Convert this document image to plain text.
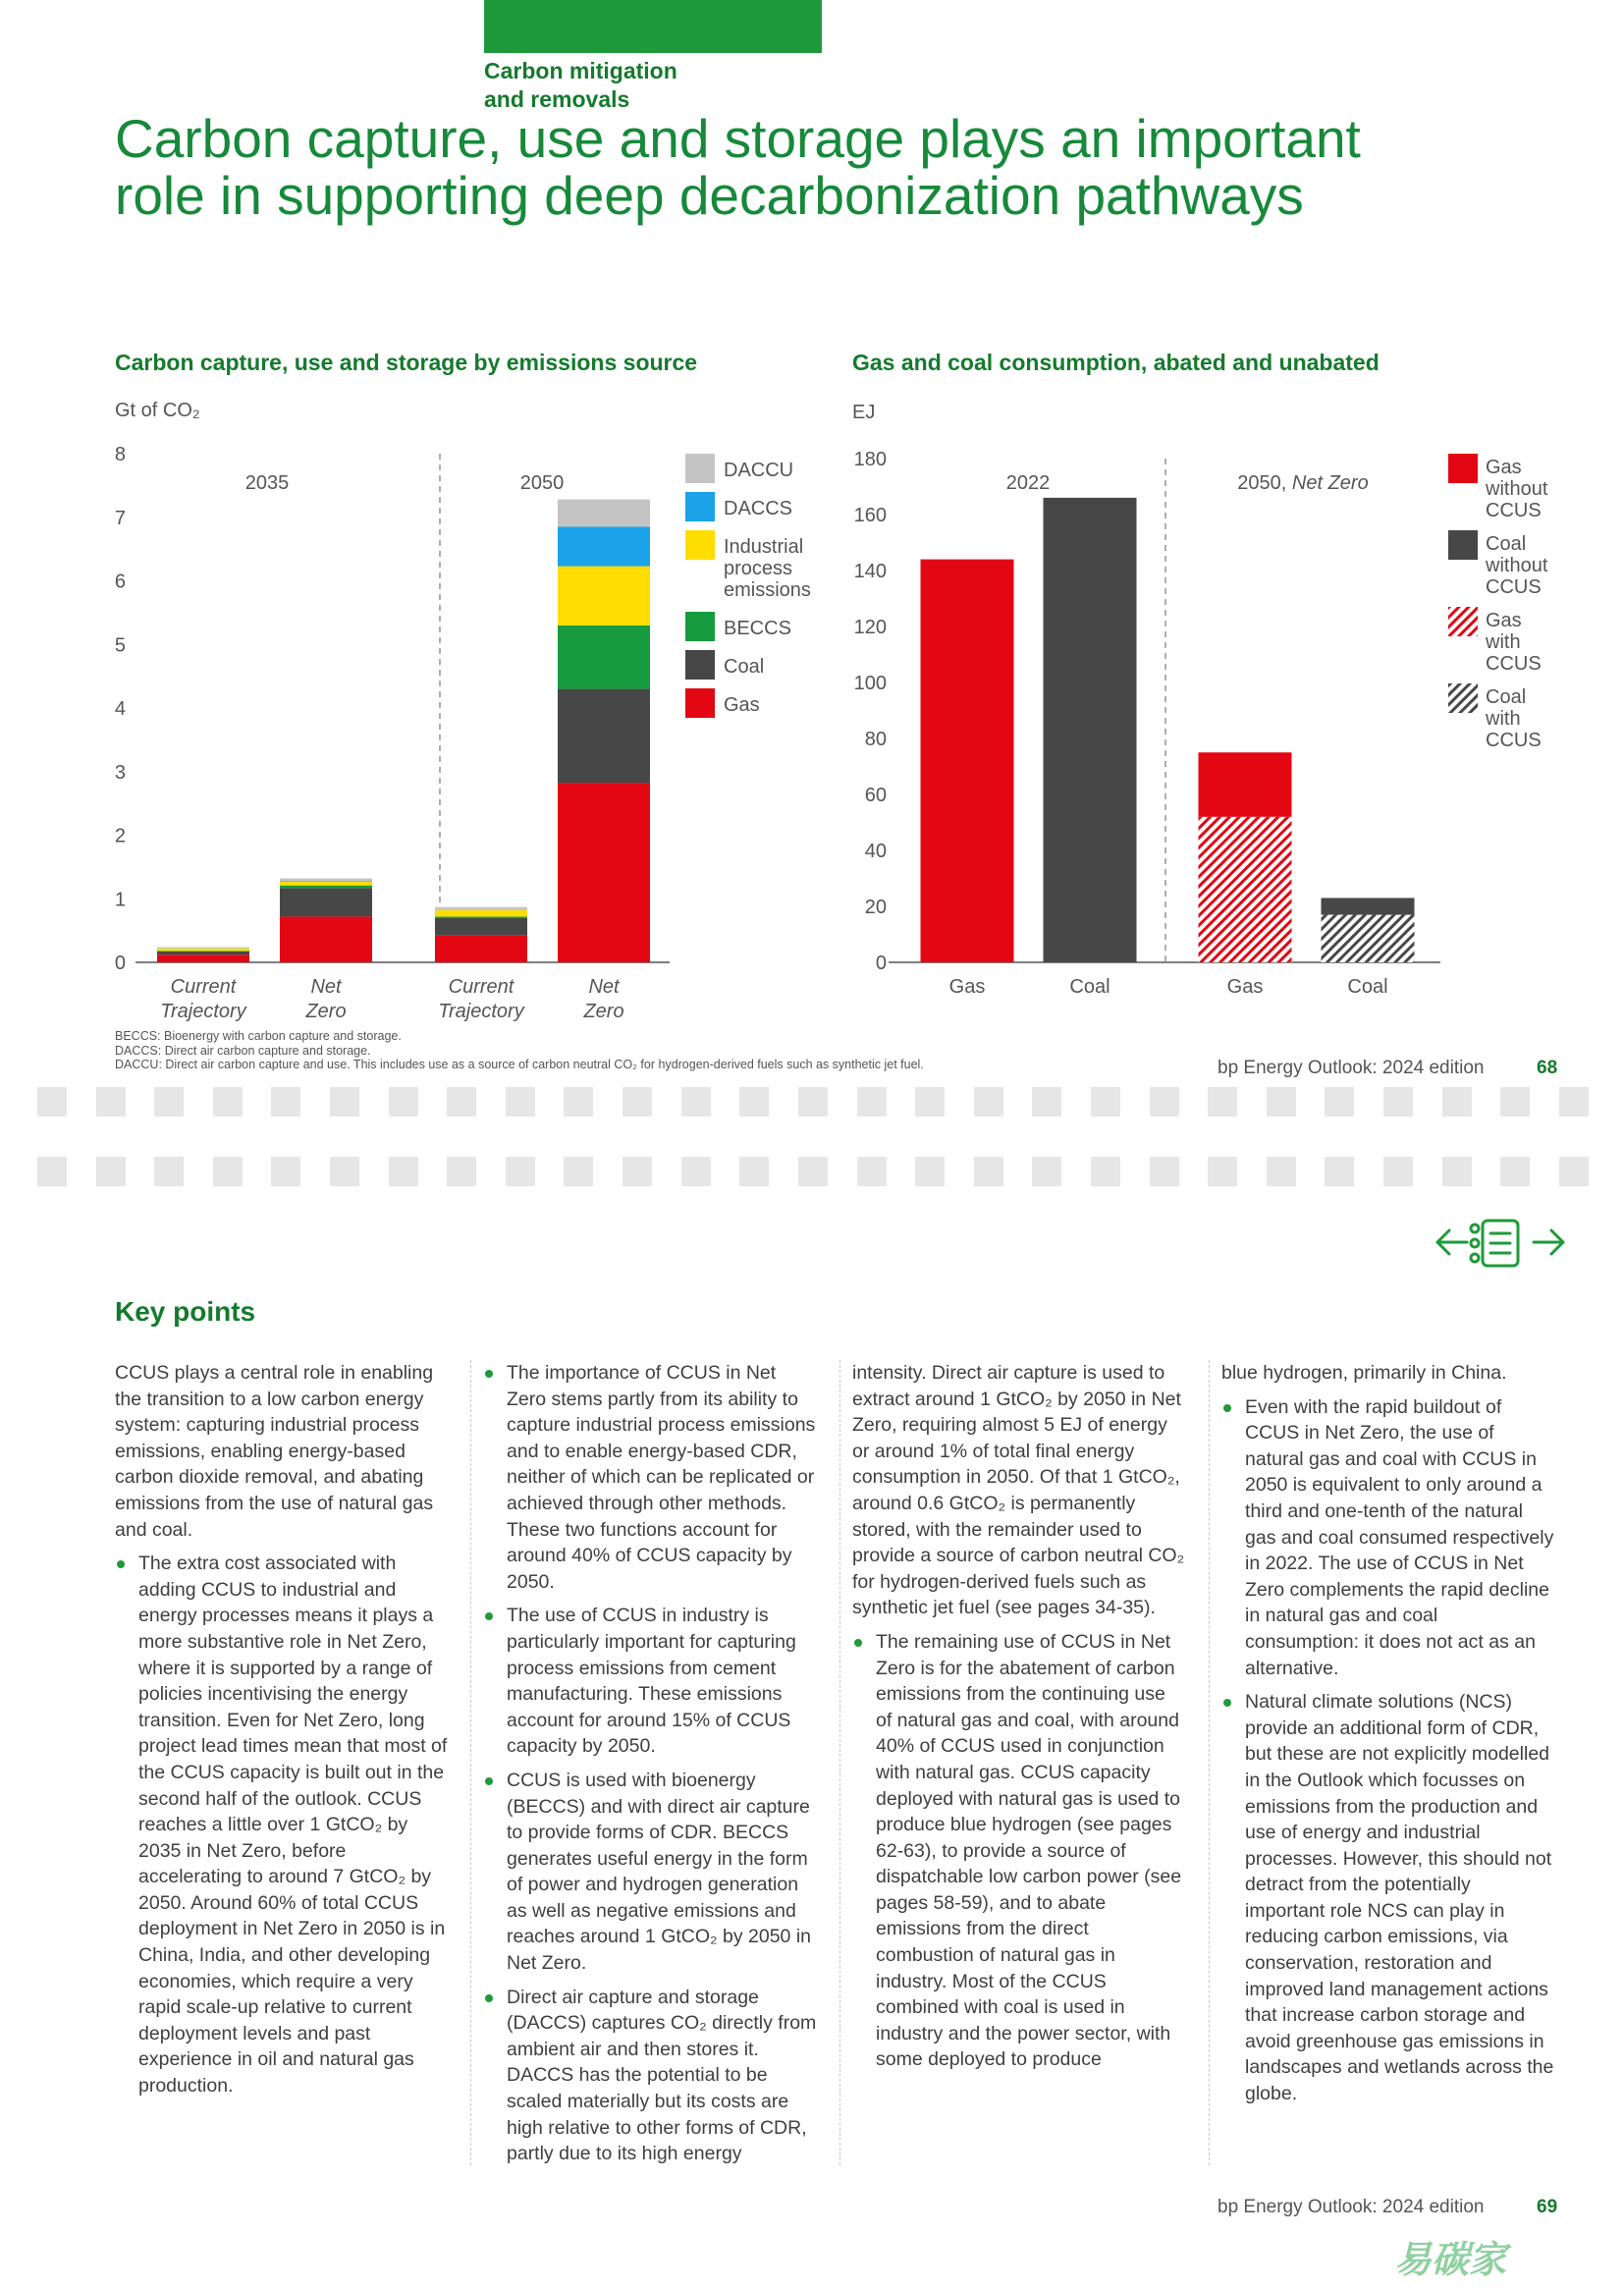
Carbon mitigation
and removals
Carbon capture, use and storage plays an important
role in supporting deep decarbonization pathways
Carbon capture, use and storage by emissions source
Gt of CO₂
Gas and coal consumption, abated and unabated
EJ
0
1
2
3
4
5
6
7
8
2035	2050
Current
Trajectory
Net
Zero
Current
Trajectory
Net
Zero
DACCU
DACCS
Industrial
process
emissions
BECCS
Coal
Gas
0
20
40
60
80
100
120
140
160
180
2022	2050, Net Zero
Gas	Coal	Gas	Coal
Gas
without
CCUS
Coal
without
CCUS
Gas
with
CCUS
Coal
with
CCUS
BECCS: Bioenergy with carbon capture and storage.
DACCS: Direct air carbon capture and storage.
DACCU: Direct air carbon capture and use. This includes use as a source of carbon neutral CO₂ for hydrogen-derived fuels such as synthetic jet fuel.	bp Energy Outlook: 2024 edition	68
Key points

CCUS plays a central role in enabling the transition to a low carbon energy system: capturing industrial process emissions, enabling energy-based carbon dioxide removal, and abating emissions from the use of natural gas and coal.

The extra cost associated with adding CCUS to industrial and energy processes means it plays a more substantive role in Net Zero, where it is supported by a range of policies incentivising the energy transition. Even for Net Zero, long project lead times mean that most of the CCUS capacity is built out in the second half of the outlook. CCUS reaches a little over 1 GtCO₂ by 2035 in Net Zero, before accelerating to around 7 GtCO₂ by 2050. Around 60% of total CCUS deployment in Net Zero in 2050 is in China, India, and other developing economies, which require a very rapid scale-up relative to current deployment levels and past experience in oil and natural gas production.
The importance of CCUS in Net Zero stems partly from its ability to capture industrial process emissions and to enable energy-based CDR, neither of which can be replicated or achieved through other methods. These two functions account for around 40% of CCUS capacity by 2050.
The use of CCUS in industry is particularly important for capturing process emissions from cement manufacturing. These emissions account for around 15% of CCUS capacity by 2050.
CCUS is used with bioenergy (BECCS) and with direct air capture to provide forms of CDR. BECCS generates useful energy in the form of power and hydrogen generation as well as negative emissions and reaches around 1 GtCO₂ by 2050 in Net Zero.
Direct air capture and storage (DACCS) captures CO₂ directly from ambient air and then stores it. DACCS has the potential to be scaled materially but its costs are high relative to other forms of CDR, partly due to its high energy
intensity. Direct air capture is used to extract around 1 GtCO₂ by 2050 in Net Zero, requiring almost 5 EJ of energy or around 1% of total final energy consumption in 2050. Of that 1 GtCO₂, around 0.6 GtCO₂ is permanently stored, with the remainder used to provide a source of carbon neutral CO₂ for hydrogen-derived fuels such as synthetic jet fuel (see pages 34-35).
The remaining use of CCUS in Net Zero is for the abatement of carbon emissions from the continuing use of natural gas and coal, with around 40% of CCUS used in conjunction with natural gas. CCUS capacity deployed with natural gas is used to produce blue hydrogen (see pages 62-63), to provide a source of dispatchable low carbon power (see pages 58-59), and to abate emissions from the direct combustion of natural gas in industry. Most of the CCUS combined with coal is used in industry and the power sector, with some deployed to produce
blue hydrogen, primarily in China.
Even with the rapid buildout of CCUS in Net Zero, the use of natural gas and coal with CCUS in 2050 is equivalent to only around a third and one-tenth of the natural gas and coal consumed respectively in 2022. The use of CCUS in Net Zero complements the rapid decline in natural gas and coal consumption: it does not act as an alternative.
Natural climate solutions (NCS) provide an additional form of CDR, but these are not explicitly modelled in the Outlook which focusses on emissions from the production and use of energy and industrial processes. However, this should not detract from the potentially important role NCS can play in reducing carbon emissions, via conservation, restoration and improved land management actions that increase carbon storage and avoid greenhouse gas emissions in landscapes and wetlands across the globe.
bp Energy Outlook: 2024 edition	69
易碳家
